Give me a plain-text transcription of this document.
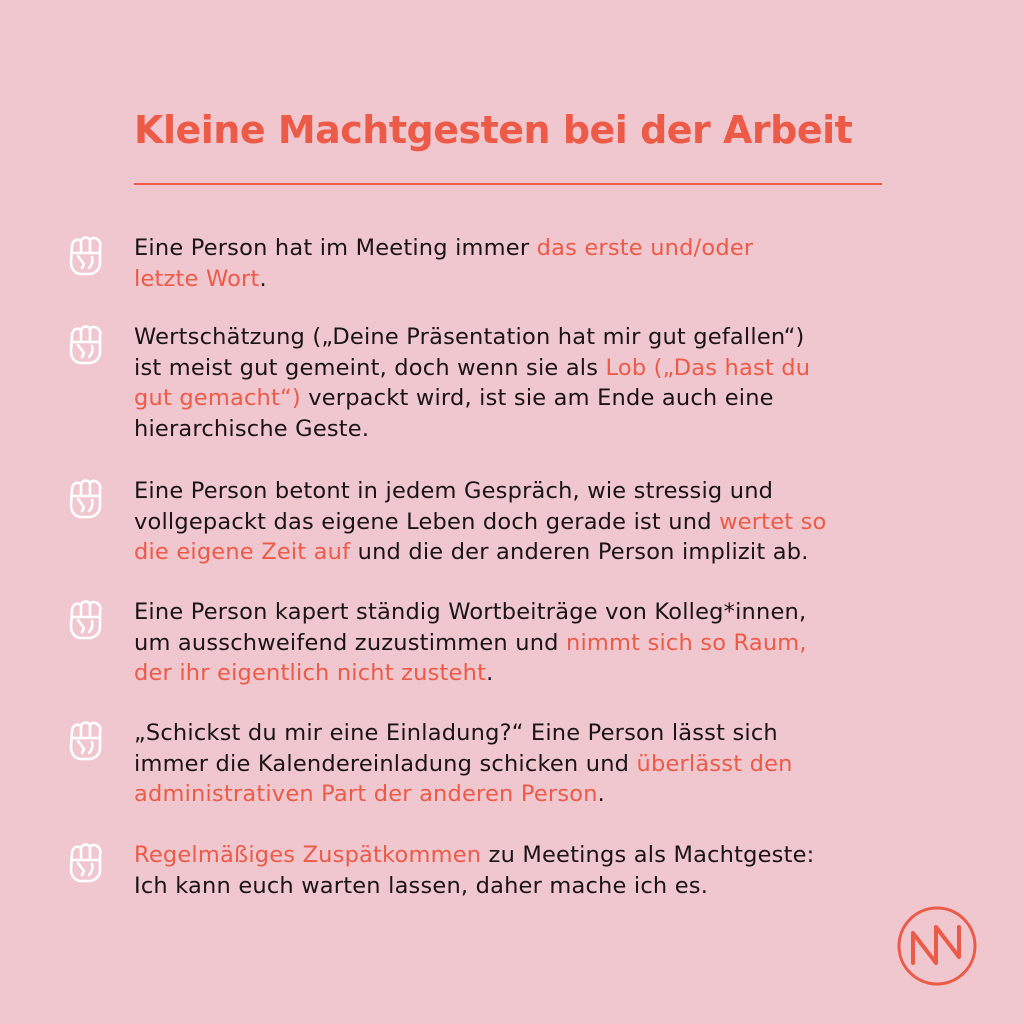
Kleine Machtgesten bei der Arbeit

Eine Person hat im Meeting immer das erste und/oder
letzte Wort.

Wertschätzung („Deine Präsentation hat mir gut gefallen“)
ist meist gut gemeint, doch wenn sie als Lob („Das hast du
gut gemacht“) verpackt wird, ist sie am Ende auch eine
hierarchische Geste.

Eine Person betont in jedem Gespräch, wie stressig und
vollgepackt das eigene Leben doch gerade ist und wertet so
die eigene Zeit auf und die der anderen Person implizit ab.

Eine Person kapert ständig Wortbeiträge von Kolleg*innen,
um ausschweifend zuzustimmen und nimmt sich so Raum,
der ihr eigentlich nicht zusteht.

„Schickst du mir eine Einladung?“ Eine Person lässt sich
immer die Kalendereinladung schicken und überlässt den
administrativen Part der anderen Person.

Regelmäßiges Zuspätkommen zu Meetings als Machtgeste:
Ich kann euch warten lassen, daher mache ich es.
